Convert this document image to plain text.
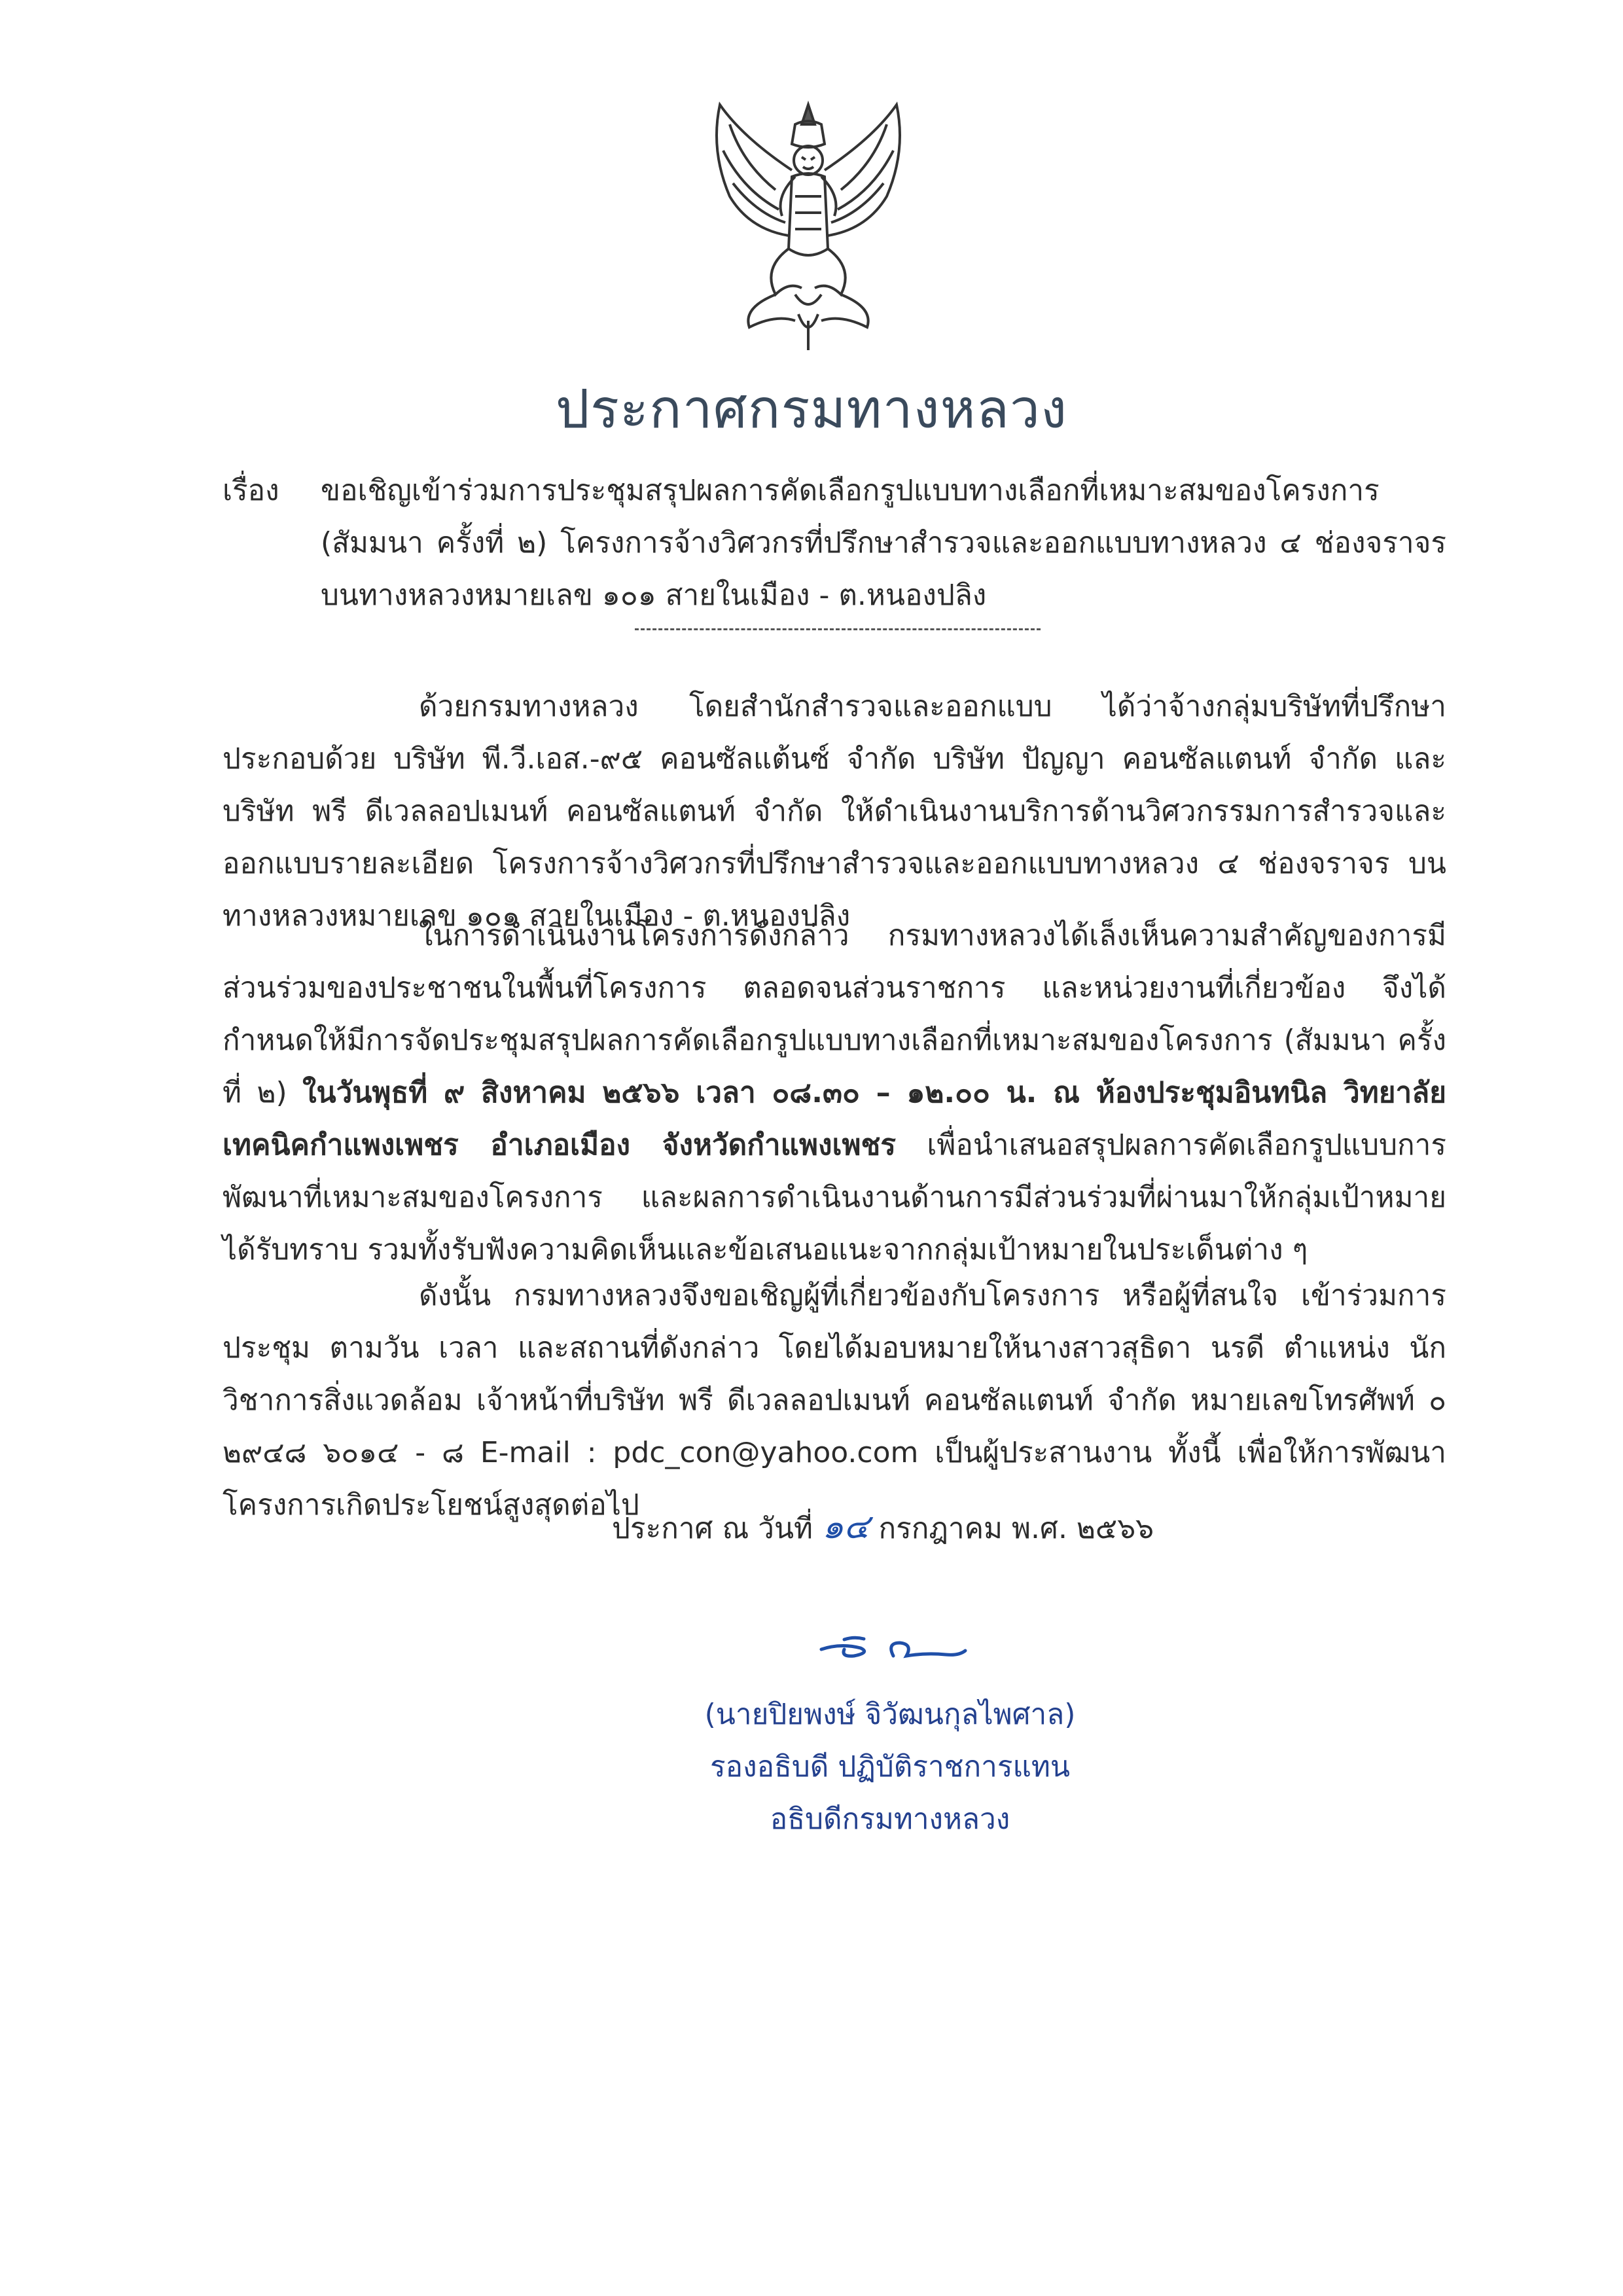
ประกาศกรมทางหลวง
เรื่อง	ขอเชิญเข้าร่วมการประชุมสรุปผลการคัดเลือกรูปแบบทางเลือกที่เหมาะสมของโครงการ (สัมมนา ครั้งที่ ๒) โครงการจ้างวิศวกรที่ปรึกษาสำรวจและออกแบบทางหลวง ๔ ช่องจราจร บนทางหลวงหมายเลข ๑๐๑ สายในเมือง - ต.หนองปลิง
ด้วยกรมทางหลวง โดยสำนักสำรวจและออกแบบ ได้ว่าจ้างกลุ่มบริษัทที่ปรึกษา ประกอบด้วย บริษัท พี.วี.เอส.-๙๕ คอนซัลแต้นซ์ จำกัด บริษัท ปัญญา คอนซัลแตนท์ จำกัด และบริษัท พรี ดีเวลลอปเมนท์ คอนซัลแตนท์ จำกัด ให้ดำเนินงานบริการด้านวิศวกรรมการสำรวจและออกแบบรายละเอียด โครงการจ้างวิศวกรที่ปรึกษาสำรวจและออกแบบทางหลวง ๔ ช่องจราจร บนทางหลวงหมายเลข ๑๐๑ สายในเมือง - ต.หนองปลิง
ในการดำเนินงานโครงการดังกล่าว กรมทางหลวงได้เล็งเห็นความสำคัญของการมีส่วนร่วมของประชาชนในพื้นที่โครงการ ตลอดจนส่วนราชการ และหน่วยงานที่เกี่ยวข้อง จึงได้กำหนดให้มีการจัดประชุมสรุปผลการคัดเลือกรูปแบบทางเลือกที่เหมาะสมของโครงการ (สัมมนา ครั้งที่ ๒) ในวันพุธที่ ๙ สิงหาคม ๒๕๖๖ เวลา ๐๘.๓๐ – ๑๒.๐๐ น. ณ ห้องประชุมอินทนิล วิทยาลัยเทคนิคกำแพงเพชร อำเภอเมือง จังหวัดกำแพงเพชร เพื่อนำเสนอสรุปผลการคัดเลือกรูปแบบการพัฒนาที่เหมาะสมของโครงการ และผลการดำเนินงานด้านการมีส่วนร่วมที่ผ่านมาให้กลุ่มเป้าหมายได้รับทราบ รวมทั้งรับฟังความคิดเห็นและข้อเสนอแนะจากกลุ่มเป้าหมายในประเด็นต่าง ๆ
ดังนั้น กรมทางหลวงจึงขอเชิญผู้ที่เกี่ยวข้องกับโครงการ หรือผู้ที่สนใจ เข้าร่วมการประชุม ตามวัน เวลา และสถานที่ดังกล่าว โดยได้มอบหมายให้นางสาวสุธิดา นรดี ตำแหน่ง นักวิชาการสิ่งแวดล้อม เจ้าหน้าที่บริษัท พรี ดีเวลลอปเมนท์ คอนซัลแตนท์ จำกัด หมายเลขโทรศัพท์ ๐ ๒๙๔๘ ๖๐๑๔ - ๘ E-mail : pdc_con@yahoo.com เป็นผู้ประสานงาน ทั้งนี้ เพื่อให้การพัฒนาโครงการเกิดประโยชน์สูงสุดต่อไป
ประกาศ ณ วันที่ ๑๔ กรกฎาคม พ.ศ. ๒๕๖๖
(นายปิยพงษ์ จิวัฒนกุลไพศาล)
รองอธิบดี ปฏิบัติราชการแทน
อธิบดีกรมทางหลวง
